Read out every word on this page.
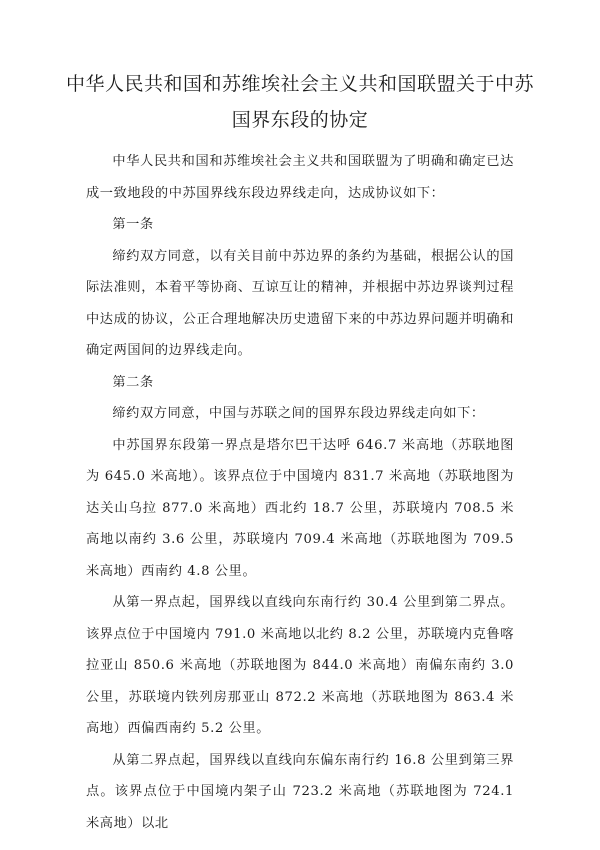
中华人民共和国和苏维埃社会主义共和国联盟关于中苏国界东段的协定

中华人民共和国和苏维埃社会主义共和国联盟为了明确和确定已达成一致地段的中苏国界线东段边界线走向，达成协议如下：

第一条

缔约双方同意，以有关目前中苏边界的条约为基础，根据公认的国际法准则，本着平等协商、互谅互让的精神，并根据中苏边界谈判过程中达成的协议，公正合理地解决历史遗留下来的中苏边界问题并明确和确定两国间的边界线走向。

第二条

缔约双方同意，中国与苏联之间的国界东段边界线走向如下：

中苏国界东段第一界点是塔尔巴干达呼 646.7 米高地（苏联地图为 645.0 米高地）。该界点位于中国境内 831.7 米高地（苏联地图为达关山乌拉 877.0 米高地）西北约 18.7 公里，苏联境内 708.5 米高地以南约 3.6 公里，苏联境内 709.4 米高地（苏联地图为 709.5 米高地）西南约 4.8 公里。

从第一界点起，国界线以直线向东南行约 30.4 公里到第二界点。该界点位于中国境内 791.0 米高地以北约 8.2 公里，苏联境内克鲁喀拉亚山 850.6 米高地（苏联地图为 844.0 米高地）南偏东南约 3.0 公里，苏联境内铁列房那亚山 872.2 米高地（苏联地图为 863.4 米高地）西偏西南约 5.2 公里。

从第二界点起，国界线以直线向东偏东南行约 16.8 公里到第三界点。该界点位于中国境内架子山 723.2 米高地（苏联地图为 724.1 米高地）以北
